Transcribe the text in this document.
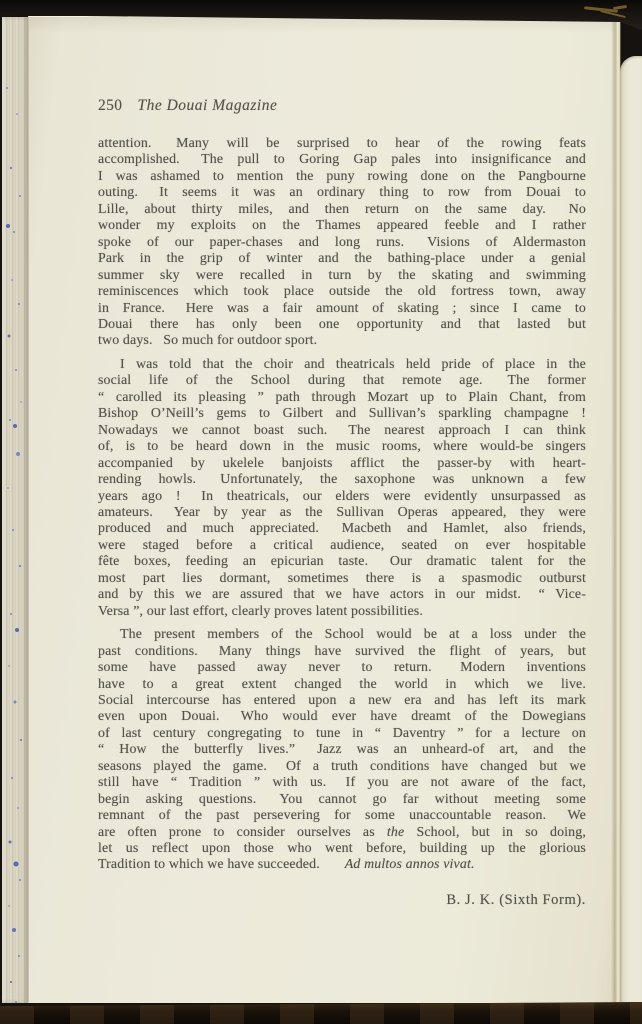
250 The Douai Magazine
attention.  Many will be surprised to hear of the rowing feats
accomplished.  The pull to Goring Gap pales into insignificance and
I was ashamed to mention the puny rowing done on the Pangbourne
outing.  It seems it was an ordinary thing to row from Douai to
Lille, about thirty miles, and then return on the same day.  No
wonder my exploits on the Thames appeared feeble and I rather
spoke of our paper-chases and long runs.  Visions of Aldermaston
Park in the grip of winter and the bathing-place under a genial
summer sky were recalled in turn by the skating and swimming
reminiscences which took place outside the old fortress town, away
in France.  Here was a fair amount of skating ; since I came to
Douai there has only been one opportunity and that lasted but
two days.  So much for outdoor sport.
I was told that the choir and theatricals held pride of place in the
social life of the School during that remote age.  The former
“ carolled its pleasing ” path through Mozart up to Plain Chant, from
Bishop O’Neill’s gems to Gilbert and Sullivan’s sparkling champagne !
Nowadays we cannot boast such.  The nearest approach I can think
of, is to be heard down in the music rooms, where would-be singers
accompanied by ukelele banjoists afflict the passer-by with heart-
rending howls.  Unfortunately, the saxophone was unknown a few
years ago !  In theatricals, our elders were evidently unsurpassed as
amateurs.  Year by year as the Sullivan Operas appeared, they were
produced and much appreciated.  Macbeth and Hamlet, also friends,
were staged before a critical audience, seated on ever hospitable
fête boxes, feeding an epicurian taste.  Our dramatic talent for the
most part lies dormant, sometimes there is a spasmodic outburst
and by this we are assured that we have actors in our midst.  “ Vice-
Versa ”, our last effort, clearly proves latent possibilities.
The present members of the School would be at a loss under the
past conditions.  Many things have survived the flight of years, but
some have passed away never to return.  Modern inventions
have to a great extent changed the world in which we live.
Social intercourse has entered upon a new era and has left its mark
even upon Douai.  Who would ever have dreamt of the Dowegians
of last century congregating to tune in “ Daventry ” for a lecture on
“ How the butterfly lives.”  Jazz was an unheard-of art, and the
seasons played the game.  Of a truth conditions have changed but we
still have “ Tradition ” with us.  If you are not aware of the fact,
begin asking questions.  You cannot go far without meeting some
remnant of the past persevering for some unaccountable reason.  We
are often prone to consider ourselves as the School, but in so doing,
let us reflect upon those who went before, building up the glorious
Tradition to which we have succeeded.    Ad multos annos vivat.
B. J. K. (Sixth Form).
